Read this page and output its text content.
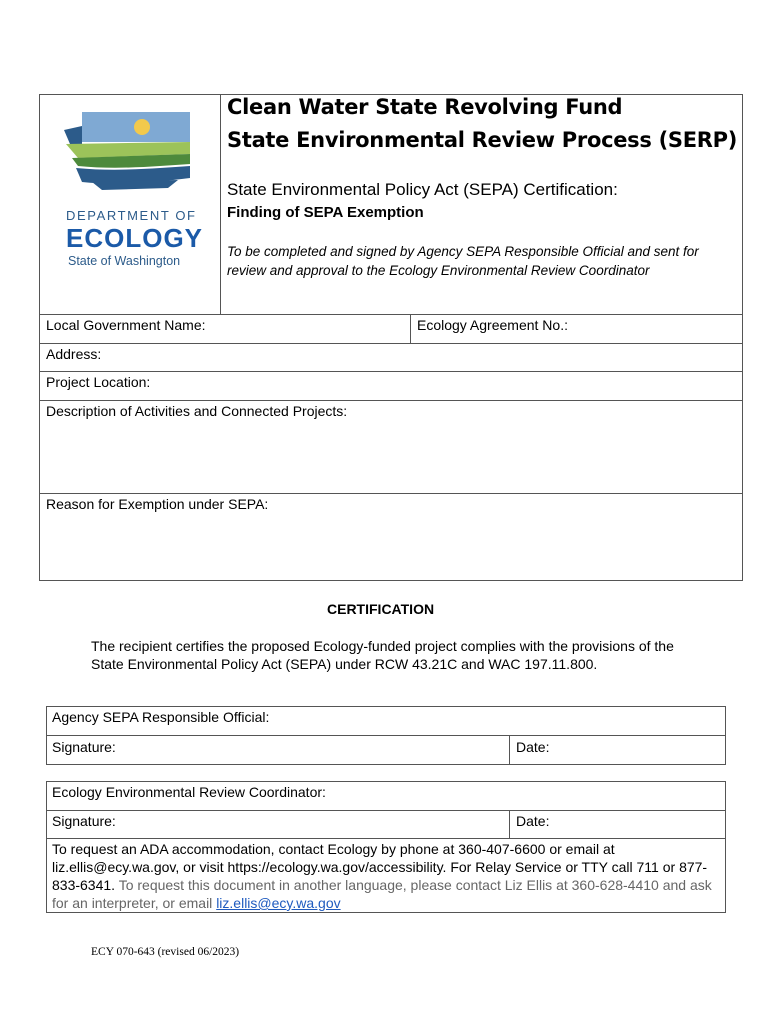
DEPARTMENT OF
ECOLOGY
State of Washington
Clean Water State Revolving Fund
State Environmental Review Process (SERP)
State Environmental Policy Act (SEPA) Certification:
Finding of SEPA Exemption
To be completed and signed by Agency SEPA Responsible Official and sent for review and approval to the Ecology Environmental Review Coordinator
Local Government Name:	Ecology Agreement No.:
Address:
Project Location:
Description of Activities and Connected Projects:
Reason for Exemption under SEPA:
CERTIFICATION
The recipient certifies the proposed Ecology-funded project complies with the provisions of the State Environmental Policy Act (SEPA) under RCW 43.21C and WAC 197.11.800.
Agency SEPA Responsible Official:
Signature:	Date:
Ecology Environmental Review Coordinator:
Signature:	Date:
To request an ADA accommodation, contact Ecology by phone at 360-407-6600 or email at liz.ellis@ecy.wa.gov, or visit https://ecology.wa.gov/accessibility. For Relay Service or TTY call 711 or 877-833-6341. To request this document in another language, please contact Liz Ellis at 360-628-4410 and ask for an interpreter, or email liz.ellis@ecy.wa.gov
ECY 070-643 (revised 06/2023)
